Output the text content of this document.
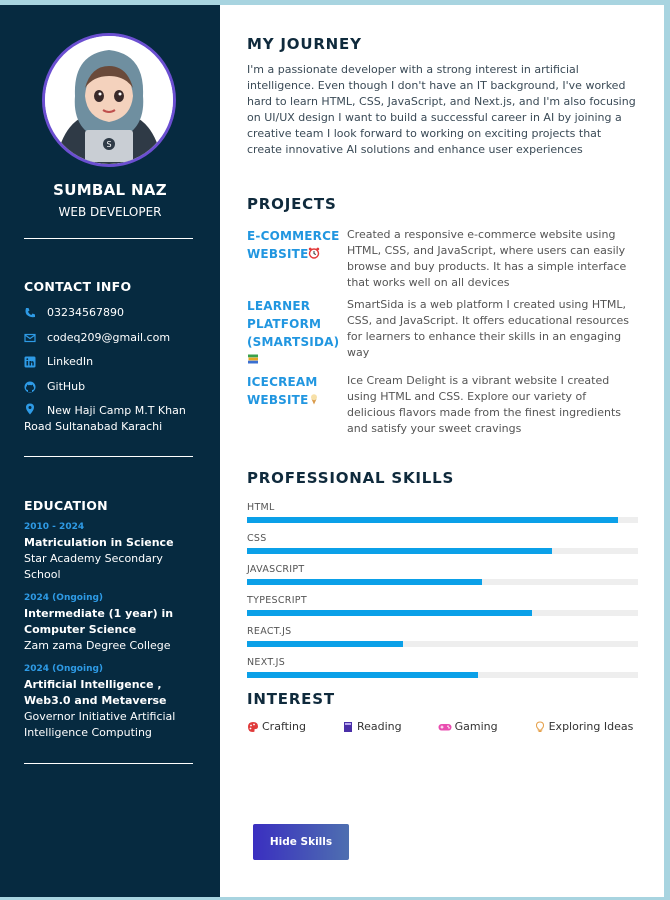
S
SUMBAL NAZ
WEB DEVELOPER
CONTACT INFO
03234567890
codeq209@gmail.com
LinkedIn
GitHub
New Haji Camp M.T Khan Road Sultanabad Karachi
EDUCATION
2010 - 2024
Matriculation in Science
Star Academy Secondary School
2024 (Ongoing)
Intermediate (1 year) in Computer Science
Zam zama Degree College
2024 (Ongoing)
Artificial Intelligence , Web3.0 and Metaverse
Governor Initiative Artificial Intelligence Computing
MY JOURNEY

I'm a passionate developer with a strong interest in artificial intelligence. Even though I don't have an IT background, I've worked hard to learn HTML, CSS, JavaScript, and Next.js, and I'm also focusing on UI/UX design I want to build a successful career in AI by joining a creative team I look forward to working on exciting projects that create innovative AI solutions and enhance user experiences

PROJECTS
E-COMMERCE WEBSITE
Created a responsive e-commerce website using HTML, CSS, and JavaScript, where users can easily browse and buy products. It has a simple interface that works well on all devices
LEARNER PLATFORM (SMARTSIDA)
SmartSida is a web platform I created using HTML, CSS, and JavaScript. It offers educational resources for learners to enhance their skills in an engaging way
ICECREAM WEBSITE
Ice Cream Delight is a vibrant website I created using HTML and CSS. Explore our variety of delicious flavors made from the finest ingredients and satisfy your sweet cravings
PROFESSIONAL SKILLS
HTML
CSS
JAVASCRIPT
TYPESCRIPT
REACT.JS
NEXT.JS
INTEREST
Crafting	Reading	Gaming	Exploring Ideas
Hide Skills
